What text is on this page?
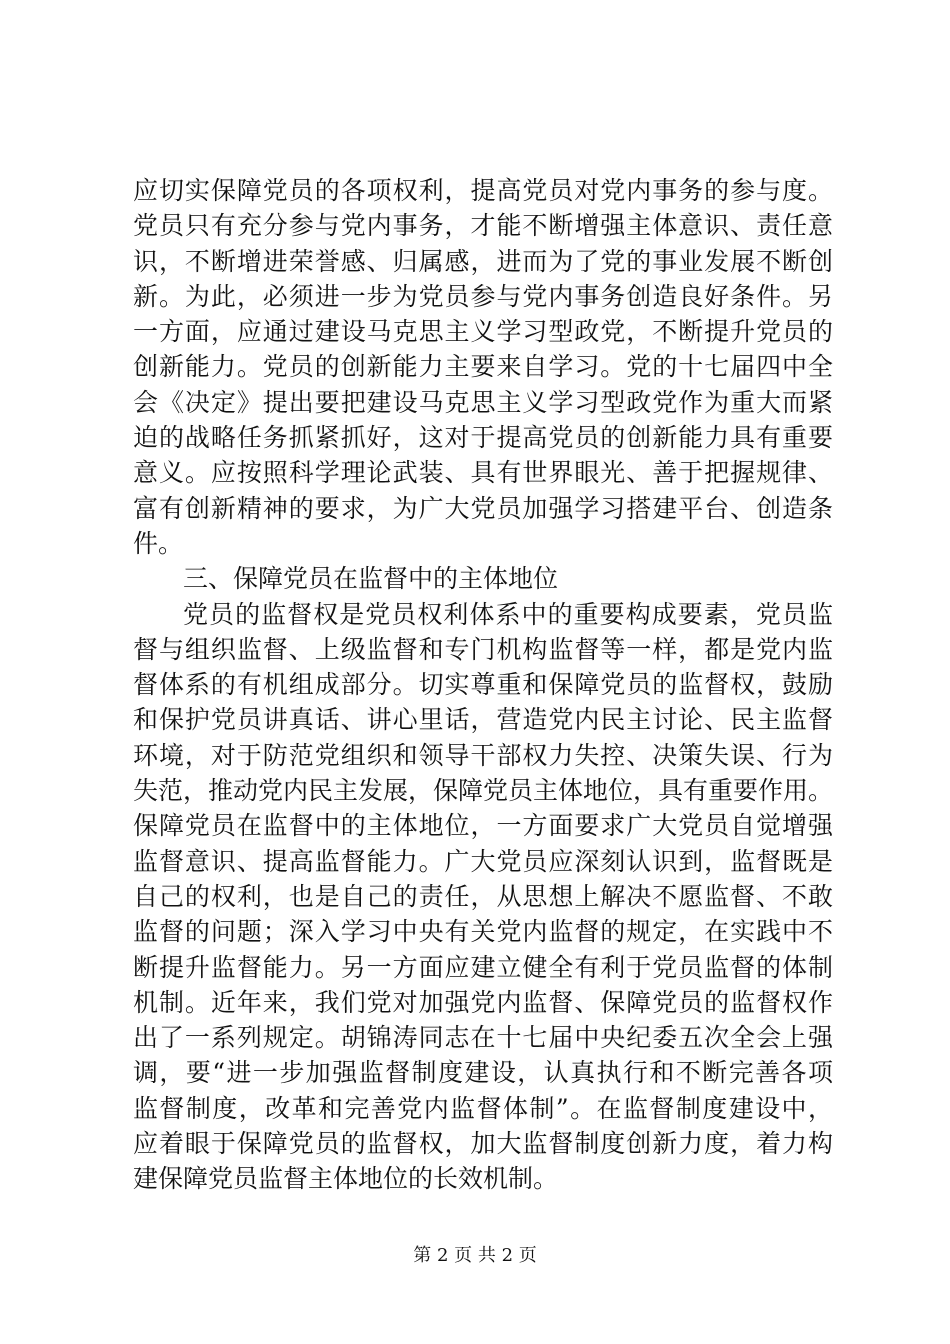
应切实保障党员的各项权利，提高党员对党内事务的参与度。
党员只有充分参与党内事务，才能不断增强主体意识、责任意
识，不断增进荣誉感、归属感，进而为了党的事业发展不断创
新。为此，必须进一步为党员参与党内事务创造良好条件。另
一方面，应通过建设马克思主义学习型政党，不断提升党员的
创新能力。党员的创新能力主要来自学习。党的十七届四中全
会《决定》提出要把建设马克思主义学习型政党作为重大而紧
迫的战略任务抓紧抓好，这对于提高党员的创新能力具有重要
意义。应按照科学理论武装、具有世界眼光、善于把握规律、
富有创新精神的要求，为广大党员加强学习搭建平台、创造条
件。
三、保障党员在监督中的主体地位
党员的监督权是党员权利体系中的重要构成要素，党员监
督与组织监督、上级监督和专门机构监督等一样，都是党内监
督体系的有机组成部分。切实尊重和保障党员的监督权，鼓励
和保护党员讲真话、讲心里话，营造党内民主讨论、民主监督
环境，对于防范党组织和领导干部权力失控、决策失误、行为
失范，推动党内民主发展，保障党员主体地位，具有重要作用。
保障党员在监督中的主体地位，一方面要求广大党员自觉增强
监督意识、提高监督能力。广大党员应深刻认识到，监督既是
自己的权利，也是自己的责任，从思想上解决不愿监督、不敢
监督的问题；深入学习中央有关党内监督的规定，在实践中不
断提升监督能力。另一方面应建立健全有利于党员监督的体制
机制。近年来，我们党对加强党内监督、保障党员的监督权作
出了一系列规定。胡锦涛同志在十七届中央纪委五次全会上强
调，要“进一步加强监督制度建设，认真执行和不断完善各项
监督制度，改革和完善党内监督体制”。在监督制度建设中，
应着眼于保障党员的监督权，加大监督制度创新力度，着力构
建保障党员监督主体地位的长效机制。
第 2 页 共 2 页
